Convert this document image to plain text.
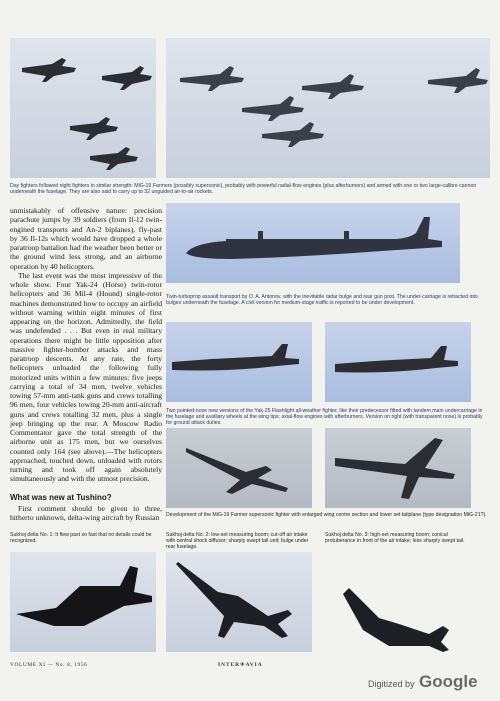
Day fighters followed night fighters in similar strength: MiG-19 Farmers (possibly supersonic), probably with powerful radial-flow engines (plus afterburners) and armed with one or two large-calibre cannon underneath the fuselage. They are also said to carry up to 32 unguided air-to-air rockets.

unmistakably of offensive nature: precision parachute jumps by 39 soldiers (from Il-12 twin-engined transports and An-2 biplanes), fly-past by 36 Il-12s which would have dropped a whole paratroop battalion had the weather been better or the ground wind less strong, and an airborne operation by 40 helicopters.

The last event was the most impressive of the whole show. Four Yak-24 (Horse) twin-rotor helicopters and 36 Mil-4 (Hound) single-rotor machines demonstrated how to occupy an airfield without warning within eight minutes of first appearing on the horizon. Admittedly, the field was undefended . . . But even in real military operations there might be little opposition after massive fighter-bomber attacks and mass paratroop descents. At any rate, the forty helicopters unloaded the following fully motorized units within a few minutes: five jeeps carrying a total of 34 men, twelve vehicles towing 57-mm anti-tank guns and crews totalling 96 men, four vehicles towing 20-mm anti-aircraft guns and crews totalling 32 men, plus a single jeep bringing up the rear. A Moscow Radio Commentator gave the total strength of the airborne unit as 175 men, but we ourselves counted only 164 (see above).—The helicopters approached, touched down, unloaded with rotors turning and took off again absolutely simultaneously and with the utmost precision.

What was new at Tushino?

First comment should be given to three, hitherto unknown, delta-wing aircraft by Russian

Twin-turboprop assault transport by O. A. Antonov, with the inevitable radar bulge and rear gun post. The under-carriage is retracted into bulges underneath the fuselage. A civil version for medium-stage traffic is reported to be under development.
Two pointed-nose new versions of the Yak-25 Flashlight all-weather fighter, like their predecessor fitted with tandem main undercarriage in the fuselage and auxiliary wheels at the wing tips; axial-flow engines with afterburners. Version on right (with transparent nose) is probably for ground attack duties.
Development of the MiG-19 Farmer supersonic fighter with enlarged wing centre section and lower set tailplane (type designation MiG-21?).
Sukhoj delta No. 1: It flew past so fast that no details could be recognized.
Sukhoj delta No. 2: low-set measuring boom; cut-off air intake with central shock diffusor; sharply swept tail unit; bulge under rear fuselage.
Sukhoj delta No. 3: high-set measuring boom; conical protuberance in front of the air intake; less sharply swept tail.
VOLUME XI — No. 8, 1956	INTER✈AVIA
Digitized by Google
